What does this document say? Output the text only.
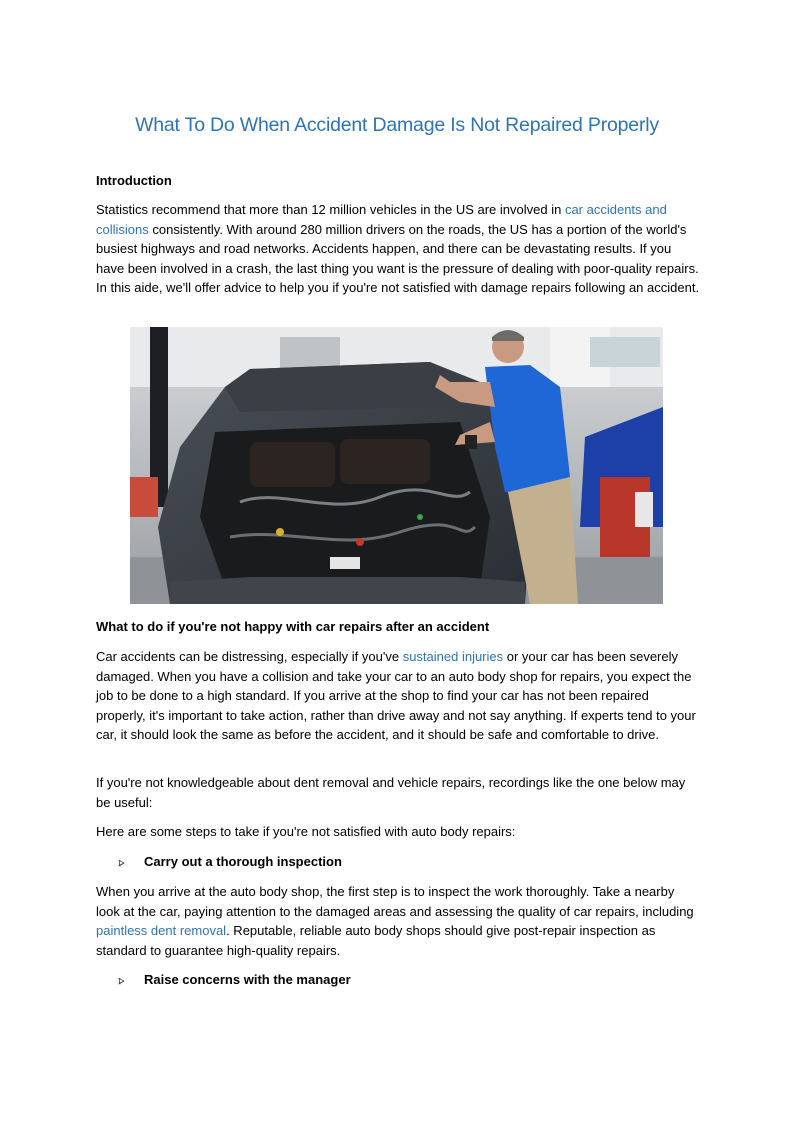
What To Do When Accident Damage Is Not Repaired Properly
Introduction

Statistics recommend that more than 12 million vehicles in the US are involved in car accidents and collisions consistently. With around 280 million drivers on the roads, the US has a portion of the world's busiest highways and road networks. Accidents happen, and there can be devastating results. If you have been involved in a crash, the last thing you want is the pressure of dealing with poor-quality repairs. In this aide, we'll offer advice to help you if you're not satisfied with damage repairs following an accident.

What to do if you're not happy with car repairs after an accident

Car accidents can be distressing, especially if you've sustained injuries or your car has been severely damaged. When you have a collision and take your car to an auto body shop for repairs, you expect the job to be done to a high standard. If you arrive at the shop to find your car has not been repaired properly, it's important to take action, rather than drive away and not say anything. If experts tend to your car, it should look the same as before the accident, and it should be safe and comfortable to drive.

If you're not knowledgeable about dent removal and vehicle repairs, recordings like the one below may be useful:
Here are some steps to take if you're not satisfied with auto body repairs:
⦠ Carry out a thorough inspection

When you arrive at the auto body shop, the first step is to inspect the work thoroughly. Take a nearby look at the car, paying attention to the damaged areas and assessing the quality of car repairs, including paintless dent removal. Reputable, reliable auto body shops should give post-repair inspection as standard to guarantee high-quality repairs.

⦠ Raise concerns with the manager
